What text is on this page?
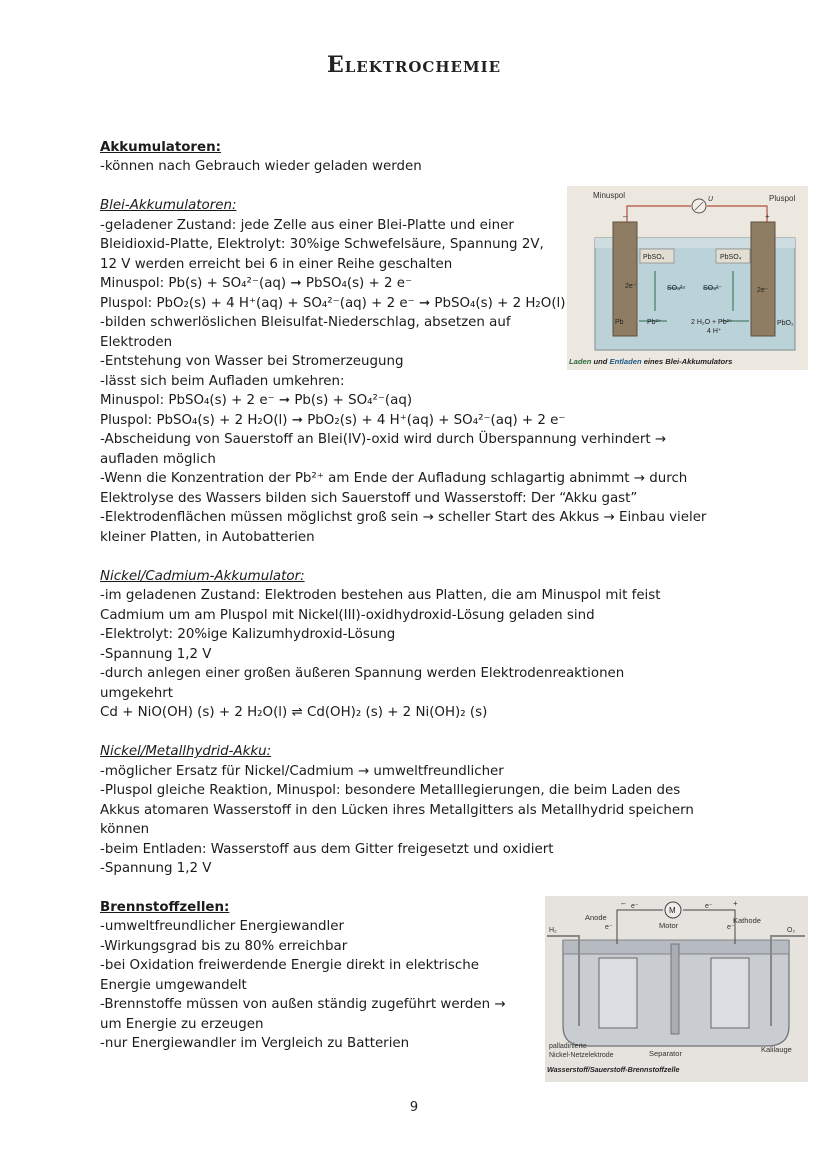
Elektrochemie
Akkumulatoren:
-können nach Gebrauch wieder geladen werden
Blei-Akkumulatoren:
-geladener Zustand: jede Zelle aus einer Blei-Platte und einer
Bleidioxid-Platte, Elektrolyt: 30%ige Schwefelsäure, Spannung 2V,
12 V werden erreicht bei 6 in einer Reihe geschalten
Minuspol: Pb(s) + SO₄²⁻(aq) ➞ PbSO₄(s) + 2 e⁻
Pluspol: PbO₂(s) + 4 H⁺(aq) + SO₄²⁻(aq) + 2 e⁻ ➞ PbSO₄(s) + 2 H₂O(l)
-bilden schwerlöslichen Bleisulfat-Niederschlag, absetzen auf
Elektroden
-Entstehung von Wasser bei Stromerzeugung
-lässt sich beim Aufladen umkehren:
Minuspol: PbSO₄(s) + 2 e⁻ ➞ Pb(s) + SO₄²⁻(aq)
Pluspol: PbSO₄(s) + 2 H₂O(l) ➞ PbO₂(s) + 4 H⁺(aq) + SO₄²⁻(aq) + 2 e⁻
-Abscheidung von Sauerstoff an Blei(IV)-oxid wird durch Überspannung verhindert →
aufladen möglich
-Wenn die Konzentration der Pb²⁺ am Ende der Aufladung schlagartig abnimmt → durch
Elektrolyse des Wassers bilden sich Sauerstoff und Wasserstoff: Der “Akku gast”
-Elektrodenflächen müssen möglichst groß sein → scheller Start des Akkus → Einbau vieler
kleiner Platten, in Autobatterien
Nickel/Cadmium-Akkumulator:
-im geladenen Zustand: Elektroden bestehen aus Platten, die am Minuspol mit feist
Cadmium um am Pluspol mit Nickel(III)-oxidhydroxid-Lösung geladen sind
-Elektrolyt: 20%ige Kalizumhydroxid-Lösung
-Spannung 1,2 V
-durch anlegen einer großen äußeren Spannung werden Elektrodenreaktionen
umgekehrt
Cd + NiO(OH) (s) + 2 H₂O(l) ⇌ Cd(OH)₂ (s) + 2 Ni(OH)₂ (s)
Nickel/Metallhydrid-Akku:
-möglicher Ersatz für Nickel/Cadmium → umweltfreundlicher
-Pluspol gleiche Reaktion, Minuspol: besondere Metalllegierungen, die beim Laden des
Akkus atomaren Wasserstoff in den Lücken ihres Metallgitters als Metallhydrid speichern
können
-beim Entladen: Wasserstoff aus dem Gitter freigesetzt und oxidiert
-Spannung 1,2 V
Brennstoffzellen:
-umweltfreundlicher Energiewandler
-Wirkungsgrad bis zu 80% erreichbar
-bei Oxidation freiwerdende Energie direkt in elektrische
Energie umgewandelt
-Brennstoffe müssen von außen ständig zugeführt werden →
um Energie zu erzeugen
-nur Energiewandler im Vergleich zu Batterien
Minuspol	Pluspol
–	+
U
PbSO₄	PbSO₄
2e⁻
2e⁻
SO₄²⁻ SO₄²⁻
Pb	Pb²⁺	2 H₂O + Pb²⁺
4 H⁺
PbO₂
Laden und Entladen eines Blei-Akkumulators
e⁻	e⁻
M
–	+
Anode
e⁻
Kathode
e⁻
Motor
H₂	O₂
palladinierte
Nickel-Netzelektrode	Separator	Kalilauge
Wasserstoff/Sauerstoff-Brennstoffzelle
9
